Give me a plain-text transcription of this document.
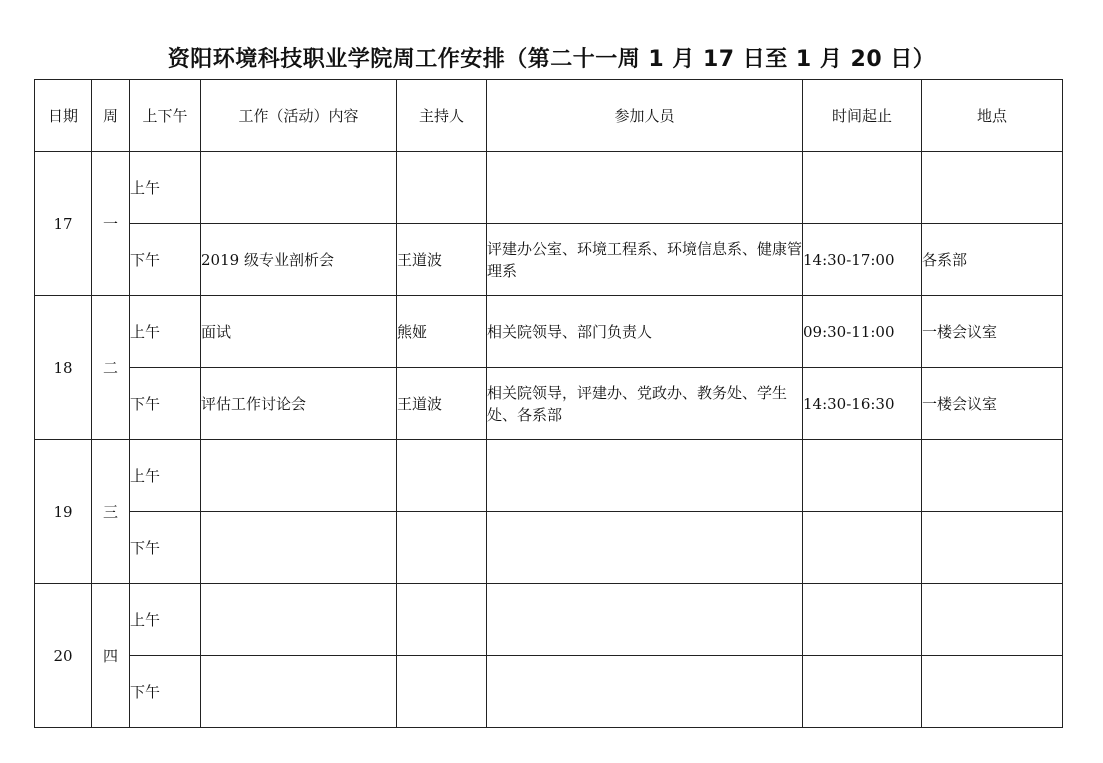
资阳环境科技职业学院周工作安排（第二十一周 1 月 17 日至 1 月 20 日）
日期	周	上下午	工作（活动）内容	主持人	参加人员	时间起止	地点
17	一	上午					
		下午	2019 级专业剖析会	王道波	评建办公室、环境工程系、环境信息系、健康管理系	14:30-17:00	各系部
18	二	上午	面试	熊娅	相关院领导、部门负责人	09:30-11:00	一楼会议室
		下午	评估工作讨论会	王道波	相关院领导，评建办、党政办、教务处、学生处、各系部	14:30-16:30	一楼会议室
19	三	上午					
		下午					
20	四	上午					
		下午					
